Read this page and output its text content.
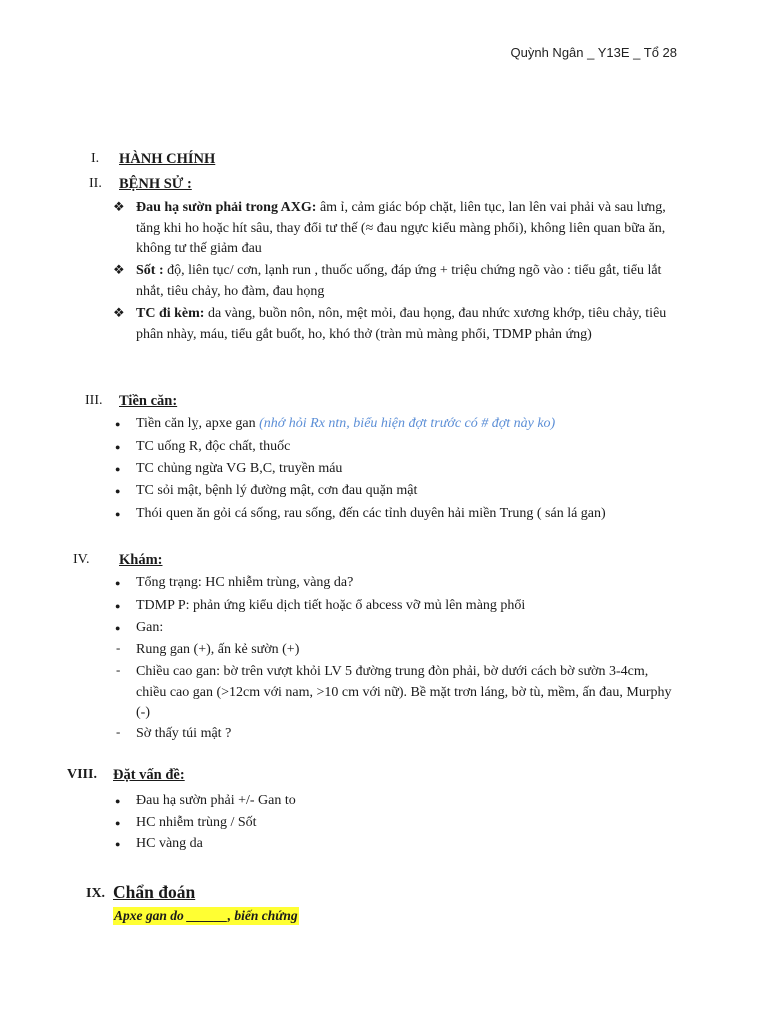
Quỳnh Ngân _ Y13E _ Tổ 28
I. HÀNH CHÍNH
II. BỆNH SỬ :
❖ Đau hạ sườn phải trong AXG: âm ỉ, cảm giác bóp chặt, liên tục, lan lên vai phải và sau lưng, tăng khi ho hoặc hít sâu, thay đổi tư thế (≈ đau ngực kiểu màng phổi), không liên quan bữa ăn, không tư thế giảm đau
❖ Sốt : độ, liên tục/ cơn, lạnh run , thuốc uống, đáp ứng + triệu chứng ngõ vào : tiểu gắt, tiểu lắt nhắt, tiêu chảy, ho đàm, đau họng
❖ TC đi kèm: da vàng, buồn nôn, nôn, mệt mỏi, đau họng, đau nhức xương khớp, tiêu chảy, tiêu phân nhày, máu, tiểu gắt buốt, ho, khó thở (tràn mủ màng phổi, TDMP phản ứng)
III. Tiền căn:
● Tiền căn lỵ, apxe gan (nhớ hỏi Rx ntn, biểu hiện đợt trước có # đợt này ko)
● TC uống R, độc chất, thuốc
● TC chủng ngừa VG B,C, truyền máu
● TC sỏi mật, bệnh lý đường mật, cơn đau quặn mật
● Thói quen ăn gỏi cá sống, rau sống, đến các tỉnh duyên hải miền Trung ( sán lá gan)
IV. Khám:
● Tổng trạng: HC nhiễm trùng, vàng da?
● TDMP P: phản ứng kiểu dịch tiết hoặc ổ abcess vỡ mủ lên màng phổi
● Gan:
- Rung gan (+), ấn kẻ sườn (+)
- Chiều cao gan: bờ trên vượt khỏi LV 5 đường trung đòn phải, bờ dưới cách bờ sườn 3-4cm, chiều cao gan (>12cm với nam, >10 cm với nữ). Bề mặt trơn láng, bờ tù, mềm, ấn đau, Murphy (-)
- Sờ thấy túi mật ?
VIII. Đặt vấn đề:
● Đau hạ sườn phải +/- Gan to
● HC nhiễm trùng / Sốt
● HC vàng da
IX. Chẩn đoán
Apxe gan do ______, biến chứng
